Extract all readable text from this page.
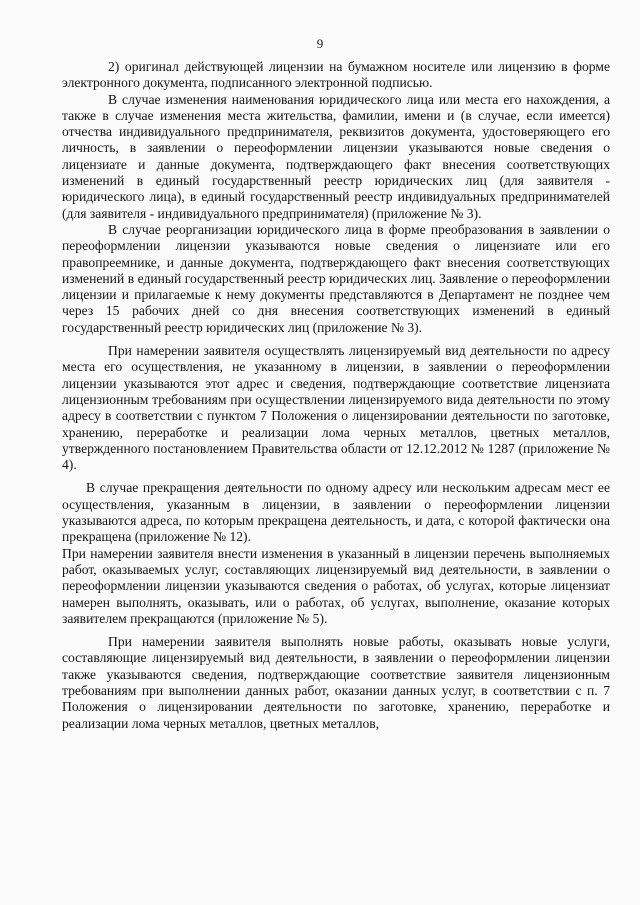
9

2) оригинал действующей лицензии на бумажном носителе или лицензию в форме электронного документа, подписанного электронной подписью.

В случае изменения наименования юридического лица или места его нахождения, а также в случае изменения места жительства, фамилии, имени и (в случае, если имеется) отчества индивидуального предпринимателя, реквизитов документа, удостоверяющего его личность, в заявлении о переоформлении лицензии указываются новые сведения о лицензиате и данные документа, подтверждающего факт внесения соответствующих изменений в единый государственный реестр юридических лиц (для заявителя - юридического лица), в единый государственный реестр индивидуальных предпринимателей (для заявителя - индивидуального предпринимателя) (приложение № 3).

В случае реорганизации юридического лица в форме преобразования в заявлении о переоформлении лицензии указываются новые сведения о лицензиате или его правопреемнике, и данные документа, подтверждающего факт внесения соответствующих изменений в единый государственный реестр юридических лиц. Заявление о переоформлении лицензии и прилагаемые к нему документы представляются в Департамент не позднее чем через 15 рабочих дней со дня внесения соответствующих изменений в единый государственный реестр юридических лиц (приложение № 3).

При намерении заявителя осуществлять лицензируемый вид деятельности по адресу места его осуществления, не указанному в лицензии, в заявлении о переоформлении лицензии указываются этот адрес и сведения, подтверждающие соответствие лицензиата лицензионным требованиям при осуществлении лицензируемого вида деятельности по этому адресу в соответствии с пунктом 7 Положения о лицензировании деятельности по заготовке, хранению, переработке и реализации лома черных металлов, цветных металлов, утвержденного постановлением Правительства области от 12.12.2012 № 1287 (приложение № 4).

В случае прекращения деятельности по одному адресу или нескольким адресам мест ее осуществления, указанным в лицензии, в заявлении о переоформлении лицензии указываются адреса, по которым прекращена деятельность, и дата, с которой фактически она прекращена (приложение № 12).

При намерении заявителя внести изменения в указанный в лицензии перечень выполняемых работ, оказываемых услуг, составляющих лицензируемый вид деятельности, в заявлении о переоформлении лицензии указываются сведения о работах, об услугах, которые лицензиат намерен выполнять, оказывать, или о работах, об услугах, выполнение, оказание которых заявителем прекращаются (приложение № 5).

При намерении заявителя выполнять новые работы, оказывать новые услуги, составляющие лицензируемый вид деятельности, в заявлении о переоформлении лицензии также указываются сведения, подтверждающие соответствие заявителя лицензионным требованиям при выполнении данных работ, оказании данных услуг, в соответствии с п. 7 Положения о лицензировании деятельности по заготовке, хранению, переработке и реализации лома черных металлов, цветных металлов,
